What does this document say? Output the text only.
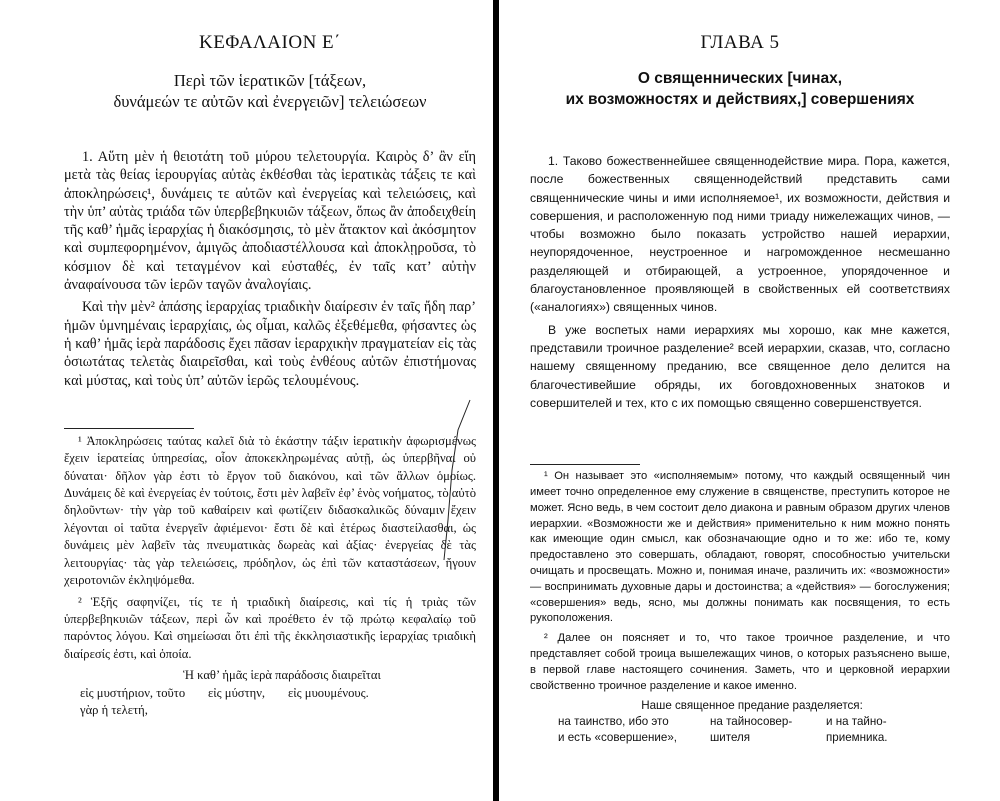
ΚΕΦΑΛΑΙΟΝ Ε΄
Περὶ τῶν ἱερατικῶν [τάξεων,
δυνάμεών τε αὐτῶν καὶ ἐνεργειῶν] τελειώσεων

1. Αὕτη μὲν ἡ θειοτάτη τοῦ μύρου τελετουργία. Καιρὸς δ’ ἂν εἴη μετὰ τὰς θείας ἱερουργίας αὐτὰς ἐκθέσθαι τὰς ἱερατικὰς τάξεις τε καὶ ἀποκληρώσεις¹, δυνάμεις τε αὐτῶν καὶ ἐνεργείας καὶ τελειώσεις, καὶ τὴν ὑπ’ αὐτὰς τριάδα τῶν ὑπερβεβηκυιῶν τάξεων, ὅπως ἂν ἀποδειχθείη τῆς καθ’ ἡμᾶς ἱεραρχίας ἡ διακόσμησις, τὸ μὲν ἄτακτον καὶ ἀκόσμητον καὶ συμπεφορημένον, ἀμιγῶς ἀποδιαστέλλουσα καὶ ἀποκλῃροῦσα, τὸ κόσμιον δὲ καὶ τεταγμένον καὶ εὐσταθές, ἐν ταῖς κατ’ αὐτὴν ἀναφαίνουσα τῶν ἱερῶν ταγῶν ἀναλογίαις.

Καὶ τὴν μὲν² ἁπάσης ἱεραρχίας τριαδικὴν διαίρεσιν ἐν ταῖς ἤδη παρ’ ἡμῶν ὑμνημέναις ἱεραρχίαις, ὡς οἶμαι, καλῶς ἐξεθέμεθα, φήσαντες ὡς ἡ καθ’ ἡμᾶς ἱερὰ παράδοσις ἔχει πᾶσαν ἱεραρχικὴν πραγματείαν εἰς τὰς ὁσιωτάτας τελετὰς διαιρεῖσθαι, καὶ τοὺς ἐνθέους αὐτῶν ἐπιστήμονας καὶ μύστας, καὶ τοὺς ὑπ’ αὐτῶν ἱερῶς τελουμένους.

¹ Ἀποκληρώσεις ταύτας καλεῖ διὰ τὸ ἑκάστην τάξιν ἱερατικὴν ἀφωρισμένως ἔχειν ἱερατείας ὑπηρεσίας, οἷον ἀποκεκληρωμένας αὐτῇ, ὡς ὑπερβῆναι οὐ δύναται· δῆλον γὰρ ἐστι τὸ ἔργον τοῦ διακόνου, καὶ τῶν ἄλλων ὁμοίως. Δυνάμεις δὲ καὶ ἐνεργείας ἐν τούτοις, ἔστι μὲν λαβεῖν ἐφ’ ἑνὸς νοήματος, τὸ αὐτὸ δηλοῦντων· τὴν γὰρ τοῦ καθαίρειν καὶ φωτίζειν διδασκαλικῶς δύναμιν ἔχειν λέγονται οἱ ταῦτα ἐνεργεῖν ἀφιέμενοι· ἔστι δὲ καὶ ἑτέρως διαστείλασθαι, ὡς δυνάμεις μὲν λαβεῖν τὰς πνευματικὰς δωρεὰς καὶ ἀξίας· ἐνεργείας δὲ τὰς λειτουργίας· τὰς γὰρ τελειώσεις, πρόδηλον, ὡς ἐπὶ τῶν καταστάσεων, ἤγουν χειροτονιῶν ἐκληψόμεθα.

² Ἑξῆς σαφηνίζει, τίς τε ἡ τριαδικὴ διαίρεσις, καὶ τίς ἡ τριὰς τῶν ὑπερβεβηκυιῶν τάξεων, περὶ ὧν καὶ προέθετο ἐν τῷ πρώτῳ κεφαλαίῳ τοῦ παρόντος λόγου. Καὶ σημείωσαι ὅτι ἐπὶ τῆς ἐκκλησιαστικῆς ἱεραρχίας τριαδικὴ διαίρεσίς ἐστι, καὶ ὁποία.

Ἡ καθ’ ἡμᾶς ἱερὰ παράδοσις διαιρεῖται
εἰς μυστήριον, τοῦτο
γὰρ ἡ τελετή,
εἰς μύστην,	εἰς μυουμένους.
ГЛАВА 5
О священнических [чинах,
их возможностях и действиях,] совершениях

1. Таково божественнейшее священнодействие мира. Пора, кажется, после божественных священнодействий представить сами священнические чины и ими исполняемое¹, их возможности, действия и совершения, и расположенную под ними триаду нижележащих чинов, — чтобы возможно было показать устройство нашей иерархии, неупорядоченное, неустроенное и нагроможденное несмешанно разделяющей и отбирающей, а устроенное, упорядоченное и благоустановленное проявляющей в свойственных ей соответствиях («аналогиях») священных чинов.

В уже воспетых нами иерархиях мы хорошо, как мне кажется, представили троичное разделение² всей иерархии, сказав, что, согласно нашему священному преданию, все священное дело делится на благочестивейшие обряды, их боговдохновенных знатоков и совершителей и тех, кто с их помощью священно совершенствуется.

¹ Он называет это «исполняемым» потому, что каждый освященный чин имеет точно определенное ему служение в священстве, преступить которое не может. Ясно ведь, в чем состоит дело диакона и равным образом других членов иерархии. «Возможности же и действия» применительно к ним можно понять как имеющие один смысл, как обозначающие одно и то же: ибо те, кому предоставлено это совершать, обладают, говорят, способностью учительски очищать и просвещать. Можно и, понимая иначе, различить их: «возможности» — воспринимать духовные дары и достоинства; а «действия» — богослужения; «совершения» ведь, ясно, мы должны понимать как посвящения, то есть рукоположения.

² Далее он поясняет и то, что такое троичное разделение, и что представляет собой троица вышележащих чинов, о которых разъяснено выше, в первой главе настоящего сочинения. Заметь, что и церковной иерархии свойственно троичное разделение и какое именно.

Наше священное предание разделяется:
на таинство, ибо это
и есть «совершение»,
на тайносовер-
шителя
и на тайно-
приемника.
